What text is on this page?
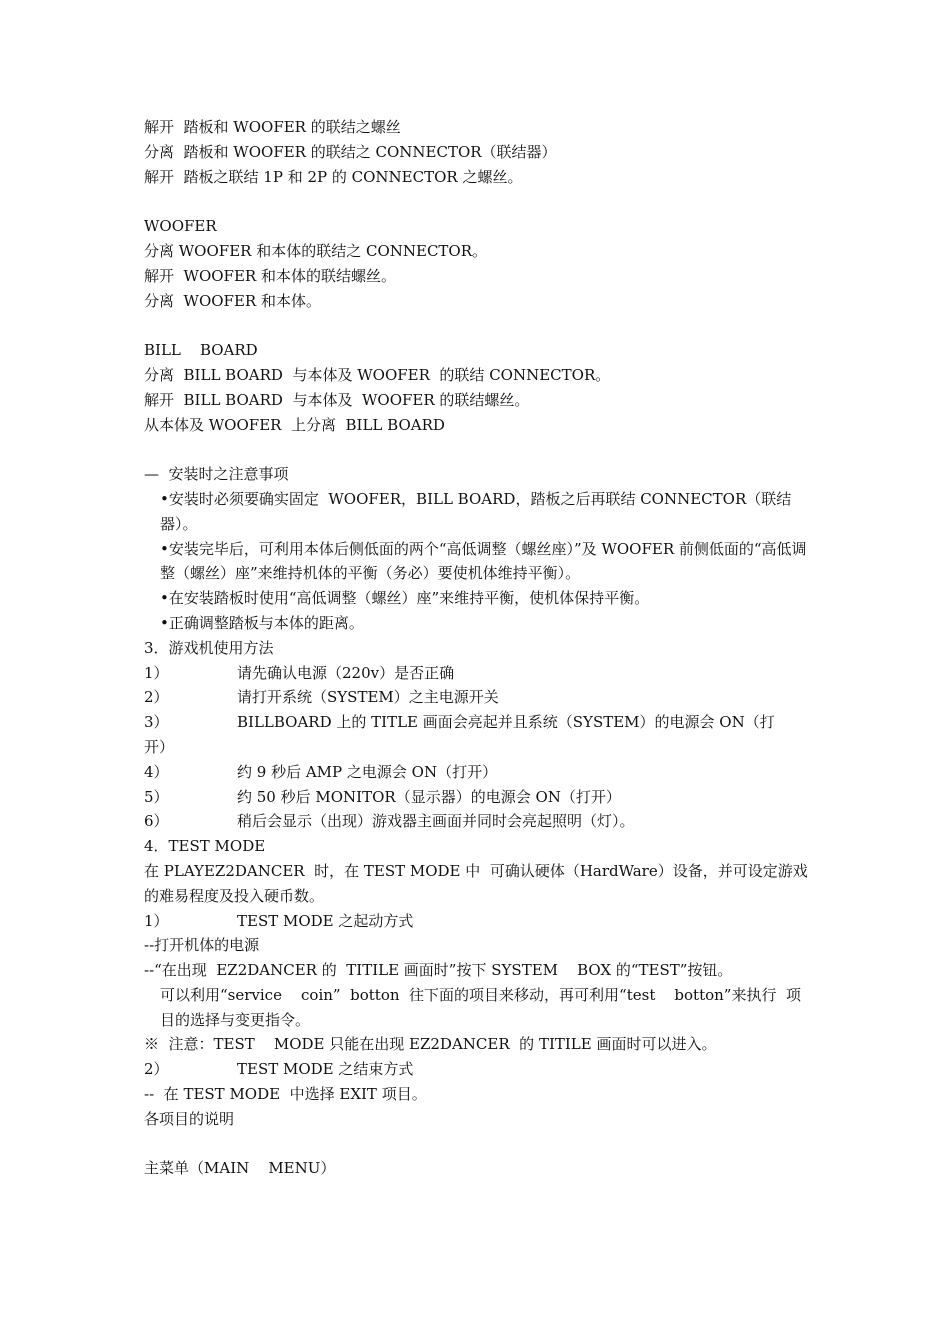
解开  踏板和 WOOFER 的联结之螺丝
分离  踏板和 WOOFER 的联结之 CONNECTOR（联结器）
解开  踏板之联结 1P 和 2P 的 CONNECTOR 之螺丝。
WOOFER
分离 WOOFER 和本体的联结之 CONNECTOR。
解开  WOOFER 和本体的联结螺丝。
分离  WOOFER 和本体。
BILL    BOARD
分离  BILL BOARD  与本体及 WOOFER  的联结 CONNECTOR。
解开  BILL BOARD  与本体及  WOOFER 的联结螺丝。
从本体及 WOOFER  上分离  BILL BOARD
—  安装时之注意事项
•安装时必须要确实固定  WOOFER，BILL BOARD，踏板之后再联结 CONNECTOR（联结器）。
•安装完毕后，可利用本体后侧低面的两个“高低调整（螺丝座）”及 WOOFER 前侧低面的“高低调整（螺丝）座”来维持机体的平衡（务必）要使机体维持平衡）。
•在安装踏板时使用“高低调整（螺丝）座”来维持平衡，使机体保持平衡。
•正确调整踏板与本体的距离。
3．游戏机使用方法
1）	请先确认电源（220v）是否正确
2）	请打开系统（SYSTEM）之主电源开关
3）	BILLBOARD 上的 TITLE 画面会亮起并且系统（SYSTEM）的电源会 ON（打
开）
4）	约 9 秒后 AMP 之电源会 ON（打开）
5）	约 50 秒后 MONITOR（显示器）的电源会 ON（打开）
6）	稍后会显示（出现）游戏器主画面并同时会亮起照明（灯）。
4．TEST MODE
在 PLAYEZ2DANCER  时，在 TEST MODE 中  可确认硬体（HardWare）设备，并可设定游戏的难易程度及投入硬币数。
1）	TEST MODE 之起动方式
--打开机体的电源
--“在出现  EZ2DANCER 的  TITILE 画面时”按下 SYSTEM    BOX 的“TEST”按钮。
可以利用“service    coin”  botton  往下面的项目来移动，再可利用“test    botton”来执行  项目的选择与变更指令。
※  注意：TEST    MODE 只能在出现 EZ2DANCER  的 TITILE 画面时可以进入。
2）	TEST MODE 之结束方式
--  在 TEST MODE  中选择 EXIT 项目。
各项目的说明
主菜单（MAIN    MENU）
